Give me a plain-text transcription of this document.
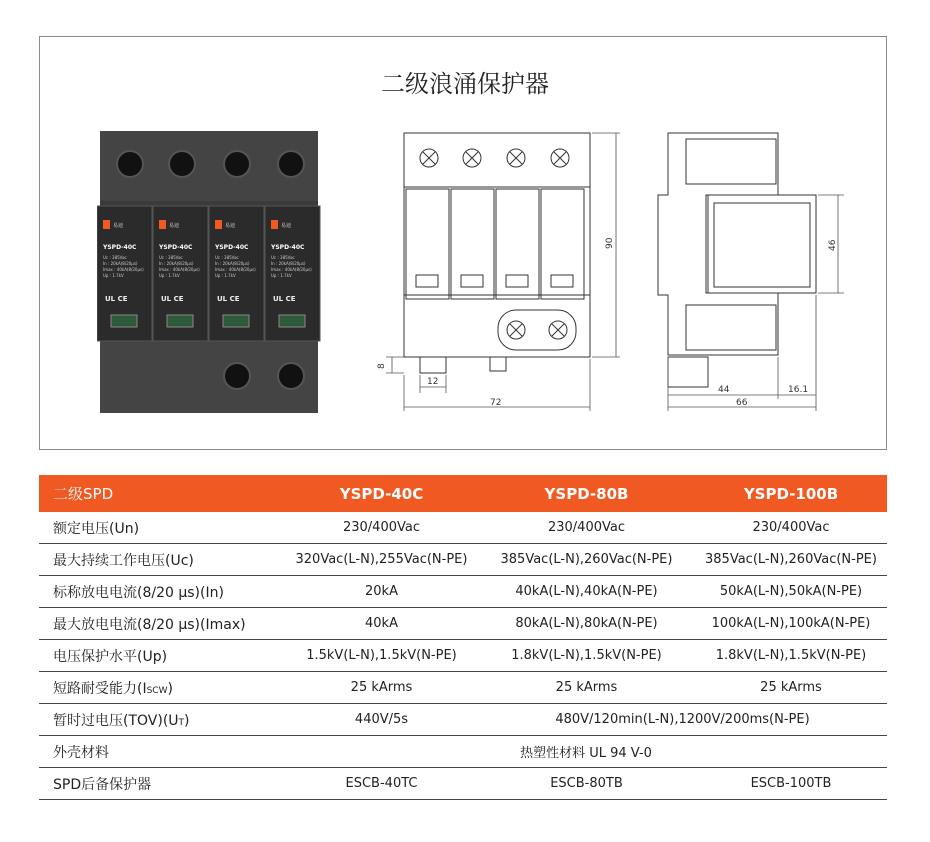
二级浪涌保护器
易迪	易迪	易迪	易迪
YSPD-40C	YSPD-40C	YSPD-40C	YSPD-40C
Uc : 385Vac
In : 20kA(8/20μs)
Imax : 40kA(8/20μs)
Up : 1.7kV
Uc : 385Vac
In : 20kA(8/20μs)
Imax : 40kA(8/20μs)
Up : 1.7kV
Uc : 385Vac
In : 20kA(8/20μs)
Imax : 40kA(8/20μs)
Up : 1.7kV
Uc : 385Vac
In : 20kA(8/20μs)
Imax : 40kA(8/20μs)
Up : 1.7kV
UL CE	UL CE	UL CE	UL CE
90
8
12
72
46
44	16.1
66
二级SPD	YSPD-40C	YSPD-80B	YSPD-100B
额定电压(Un)	230/400Vac	230/400Vac	230/400Vac
最大持续工作电压(Uc)	320Vac(L-N),255Vac(N-PE)	385Vac(L-N),260Vac(N-PE)	385Vac(L-N),260Vac(N-PE)
标称放电电流(8/20 μs)(In)	20kA	40kA(L-N),40kA(N-PE)	50kA(L-N),50kA(N-PE)
最大放电电流(8/20 μs)(Imax)	40kA	80kA(L-N),80kA(N-PE)	100kA(L-N),100kA(N-PE)
电压保护水平(Up)	1.5kV(L-N),1.5kV(N-PE)	1.8kV(L-N),1.5kV(N-PE)	1.8kV(L-N),1.5kV(N-PE)
短路耐受能力(ISCW)	25 kArms	25 kArms	25 kArms
暂时过电压(TOV)(UT)	440V/5s	480V/120min(L-N),1200V/200ms(N-PE)	
外壳材料	热塑性材料 UL 94 V-0		
SPD后备保护器	ESCB-40TC	ESCB-80TB	ESCB-100TB
